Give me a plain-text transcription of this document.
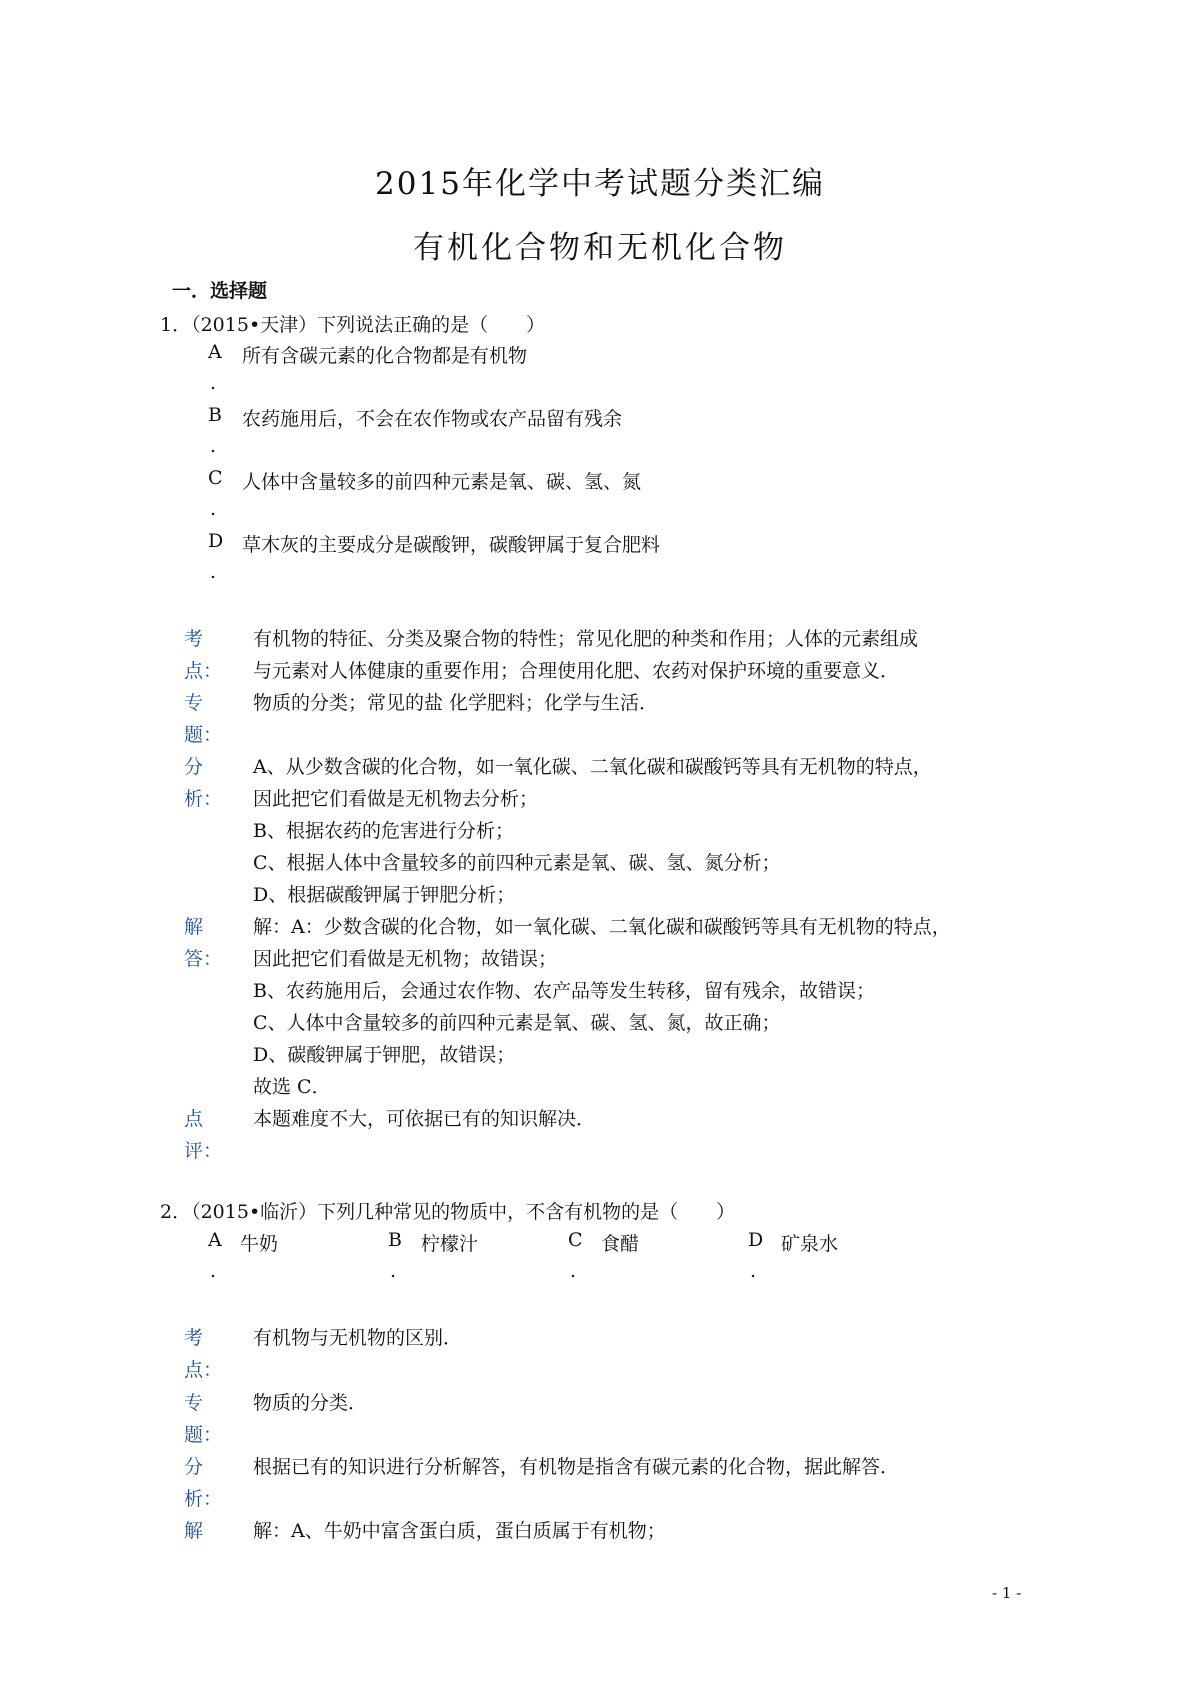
2015年化学中考试题分类汇编
有机化合物和无机化合物
一．选择题
1．（2015•天津）下列说法正确的是（　　）
A 所有含碳元素的化合物都是有机物
.
B 农药施用后，不会在农作物或农产品留有残余
.
C 人体中含量较多的前四种元素是氧、碳、氢、氮
.
D 草木灰的主要成分是碳酸钾，碳酸钾属于复合肥料
.
考
点：
有机物的特征、分类及聚合物的特性；常见化肥的种类和作用；人体的元素组成
与元素对人体健康的重要作用；合理使用化肥、农药对保护环境的重要意义．
专
题：
物质的分类；常见的盐 化学肥料；化学与生活．
分
析：
A、从少数含碳的化合物，如一氧化碳、二氧化碳和碳酸钙等具有无机物的特点，
因此把它们看做是无机物去分析；
B、根据农药的危害进行分析；
C、根据人体中含量较多的前四种元素是氧、碳、氢、氮分析；
D、根据碳酸钾属于钾肥分析；
解
答：
解：A：少数含碳的化合物，如一氧化碳、二氧化碳和碳酸钙等具有无机物的特点，
因此把它们看做是无机物；故错误；
B、农药施用后，会通过农作物、农产品等发生转移，留有残余，故错误；
C、人体中含量较多的前四种元素是氧、碳、氢、氮，故正确；
D、碳酸钾属于钾肥，故错误；
故选 C．
点
评：
本题难度不大，可依据已有的知识解决．
2．（2015•临沂）下列几种常见的物质中，不含有机物的是（　　）
A 牛奶
.
B 柠檬汁
.
C 食醋
.
D 矿泉水
.
考
点：
有机物与无机物的区别．
专
题：
物质的分类．
分
析：
根据已有的知识进行分析解答，有机物是指含有碳元素的化合物，据此解答．
解	解：A、牛奶中富含蛋白质，蛋白质属于有机物；
- 1 -
